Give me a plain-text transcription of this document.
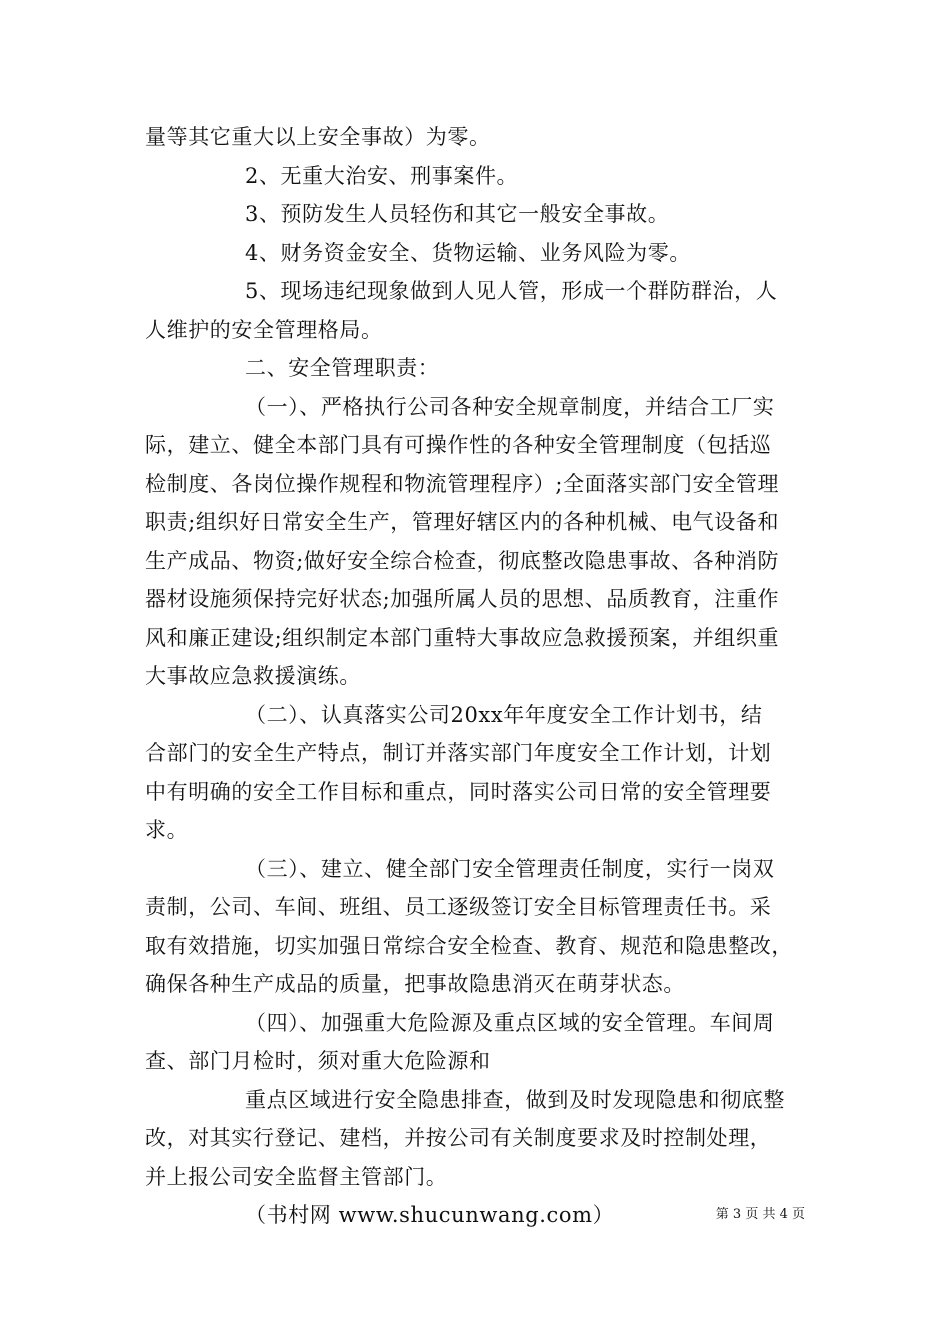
量等其它重大以上安全事故）为零。
2、无重大治安、刑事案件。
3、预防发生人员轻伤和其它一般安全事故。
4、财务资金安全、货物运输、业务风险为零。
5、现场违纪现象做到人见人管，形成一个群防群治，人
人维护的安全管理格局。
二、安全管理职责：
（一）、严格执行公司各种安全规章制度，并结合工厂实
际，建立、健全本部门具有可操作性的各种安全管理制度（包括巡
检制度、各岗位操作规程和物流管理程序）;全面落实部门安全管理
职责;组织好日常安全生产，管理好辖区内的各种机械、电气设备和
生产成品、物资;做好安全综合检查，彻底整改隐患事故、各种消防
器材设施须保持完好状态;加强所属人员的思想、品质教育，注重作
风和廉正建设;组织制定本部门重特大事故应急救援预案，并组织重
大事故应急救援演练。
（二）、认真落实公司20xx年年度安全工作计划书，结
合部门的安全生产特点，制订并落实部门年度安全工作计划，计划
中有明确的安全工作目标和重点，同时落实公司日常的安全管理要
求。
（三）、建立、健全部门安全管理责任制度，实行一岗双
责制，公司、车间、班组、员工逐级签订安全目标管理责任书。采
取有效措施，切实加强日常综合安全检查、教育、规范和隐患整改，
确保各种生产成品的质量，把事故隐患消灭在萌芽状态。
（四）、加强重大危险源及重点区域的安全管理。车间周
查、部门月检时，须对重大危险源和
重点区域进行安全隐患排查，做到及时发现隐患和彻底整
改，对其实行登记、建档，并按公司有关制度要求及时控制处理，
并上报公司安全监督主管部门。
（书村网 www.shucunwang.com）	第 3 页 共 4 页
